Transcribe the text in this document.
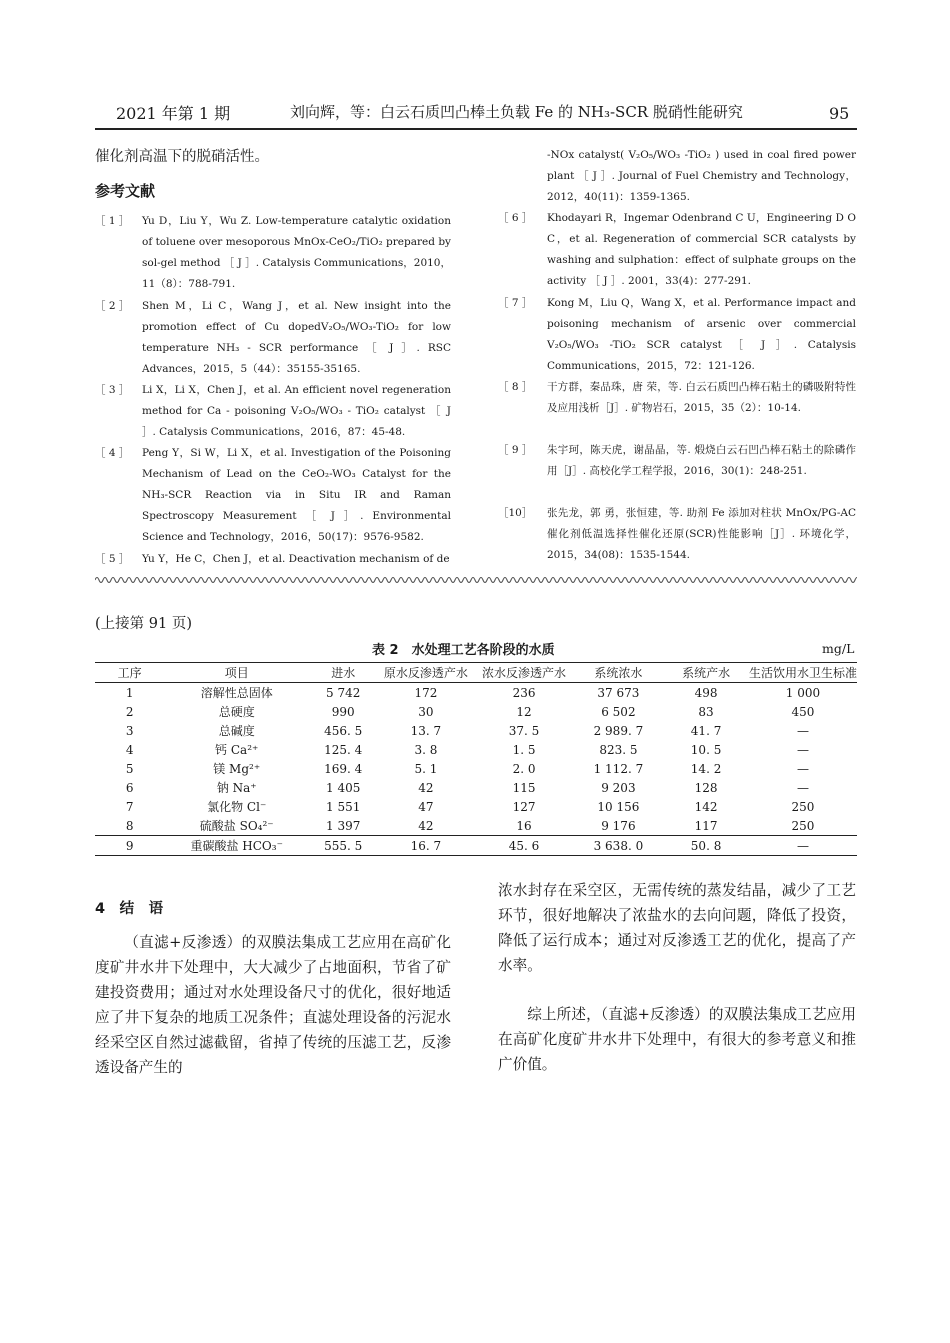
2021 年第 1 期	刘向辉，等：白云石质凹凸棒土负载 Fe 的 NH₃-SCR 脱硝性能研究	95
催化剂高温下的脱硝活性。
参考文献
［ 1 ］ Yu D，Liu Y，Wu Z. Low-temperature catalytic oxidation of toluene over mesoporous MnOx-CeO₂/TiO₂ prepared by sol-gel method ［ J ］. Catalysis Communications，2010，11（8）：788-791.
［ 2 ］ Shen M，Li C，Wang J，et al. New insight into the promotion effect of Cu dopedV₂O₅/WO₃-TiO₂ for low temperature NH₃ - SCR performance ［ J ］. RSC Advances，2015，5（44）：35155-35165.
［ 3 ］ Li X，Li X，Chen J，et al. An efficient novel regeneration method for Ca - poisoning V₂O₅/WO₃ - TiO₂ catalyst ［ J ］. Catalysis Communications，2016，87：45-48.
［ 4 ］ Peng Y，Si W，Li X，et al. Investigation of the Poisoning Mechanism of Lead on the CeO₂-WO₃ Catalyst for the NH₃-SCR Reaction via in Situ IR and Raman Spectroscopy Measurement ［ J ］. Environmental Science and Technology，2016，50(17)：9576-9582.
［ 5 ］ Yu Y，He C，Chen J，et al. Deactivation mechanism of de
-NOx catalyst( V₂O₅/WO₃ -TiO₂ ) used in coal fired power plant ［ J ］. Journal of Fuel Chemistry and Technology，2012，40(11)：1359-1365.
［ 6 ］ Khodayari R，Ingemar Odenbrand C U，Engineering D O C，et al. Regeneration of commercial SCR catalysts by washing and sulphation：effect of sulphate groups on the activity ［ J ］. 2001，33(4)：277-291.
［ 7 ］ Kong M，Liu Q，Wang X，et al. Performance impact and poisoning mechanism of arsenic over commercial V₂O₅/WO₃ -TiO₂ SCR catalyst ［ J ］. Catalysis Communications，2015，72：121-126.
［ 8 ］ 干方群，秦品珠，唐 荣，等. 白云石质凹凸棒石粘土的磷吸附特性及应用浅析［J］. 矿物岩石，2015，35（2）：10-14.
［ 9 ］ 朱宇珂，陈天虎，谢晶晶，等. 煅烧白云石凹凸棒石粘土的除磷作用［J］. 高校化学工程学报，2016，30(1)：248-251.
［10］ 张先龙，郭 勇，张恒建，等. 助剂 Fe 添加对柱状 MnOx/PG-AC 催化剂低温选择性催化还原(SCR)性能影响［J］. 环境化学，2015，34(08)：1535-1544.
(上接第 91 页)
表 2　水处理工艺各阶段的水质	mg/L
工序	项目	进水	原水反渗透产水	浓水反渗透产水	系统浓水	系统产水	生活饮用水卫生标准
1	溶解性总固体	5 742	172	236	37 673	498	1 000
2	总硬度	990	30	12	6 502	83	450
3	总碱度	456. 5	13. 7	37. 5	2 989. 7	41. 7	—
4	钙 Ca²⁺	125. 4	3. 8	1. 5	823. 5	10. 5	—
5	镁 Mg²⁺	169. 4	5. 1	2. 0	1 112. 7	14. 2	—
6	钠 Na⁺	1 405	42	115	9 203	128	—
7	氯化物 Cl⁻	1 551	47	127	10 156	142	250
8	硫酸盐 SO₄²⁻	1 397	42	16	9 176	117	250
9	重碳酸盐 HCO₃⁻	555. 5	16. 7	45. 6	3 638. 0	50. 8	—
4　结　语
（直滤+反渗透）的双膜法集成工艺应用在高矿化度矿井水井下处理中，大大减少了占地面积，节省了矿建投资费用；通过对水处理设备尺寸的优化，很好地适应了井下复杂的地质工况条件；直滤处理设备的污泥水经采空区自然过滤截留，省掉了传统的压滤工艺，反渗透设备产生的
浓水封存在采空区，无需传统的蒸发结晶，减少了工艺环节，很好地解决了浓盐水的去向问题，降低了投资，降低了运行成本；通过对反渗透工艺的优化，提高了产水率。
综上所述，（直滤+反渗透）的双膜法集成工艺应用在高矿化度矿井水井下处理中，有很大的参考意义和推广价值。
